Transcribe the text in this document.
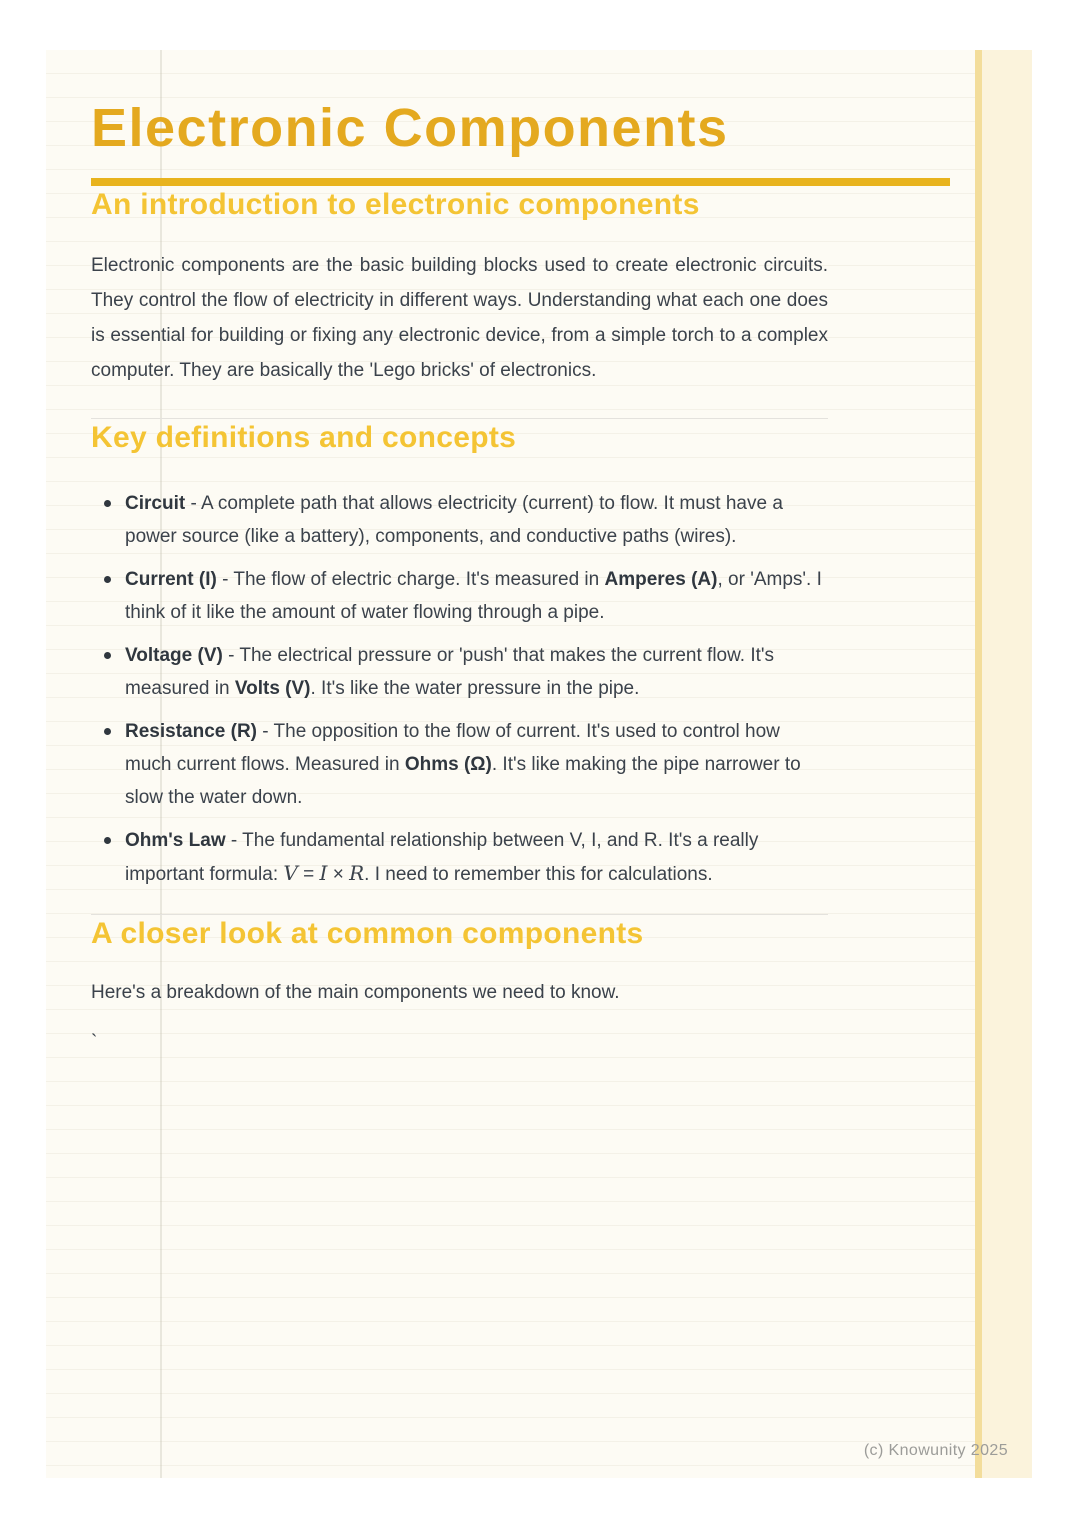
Electronic Components
An introduction to electronic components

Electronic components are the basic building blocks used to create electronic circuits. They control the flow of electricity in different ways. Understanding what each one does is essential for building or fixing any electronic device, from a simple torch to a complex computer. They are basically the 'Lego bricks' of electronics.

Key definitions and concepts
Circuit - A complete path that allows electricity (current) to flow. It must have a power source (like a battery), components, and conductive paths (wires).
Current (I) - The flow of electric charge. It's measured in Amperes (A), or 'Amps'. I think of it like the amount of water flowing through a pipe.
Voltage (V) - The electrical pressure or 'push' that makes the current flow. It's measured in Volts (V). It's like the water pressure in the pipe.
Resistance (R) - The opposition to the flow of current. It's used to control how much current flows. Measured in Ohms (Ω). It's like making the pipe narrower to slow the water down.
Ohm's Law - The fundamental relationship between V, I, and R. It's a really important formula: V = I × R. I need to remember this for calculations.
A closer look at common components

Here's a breakdown of the main components we need to know.

`
(c) Knowunity 2025
